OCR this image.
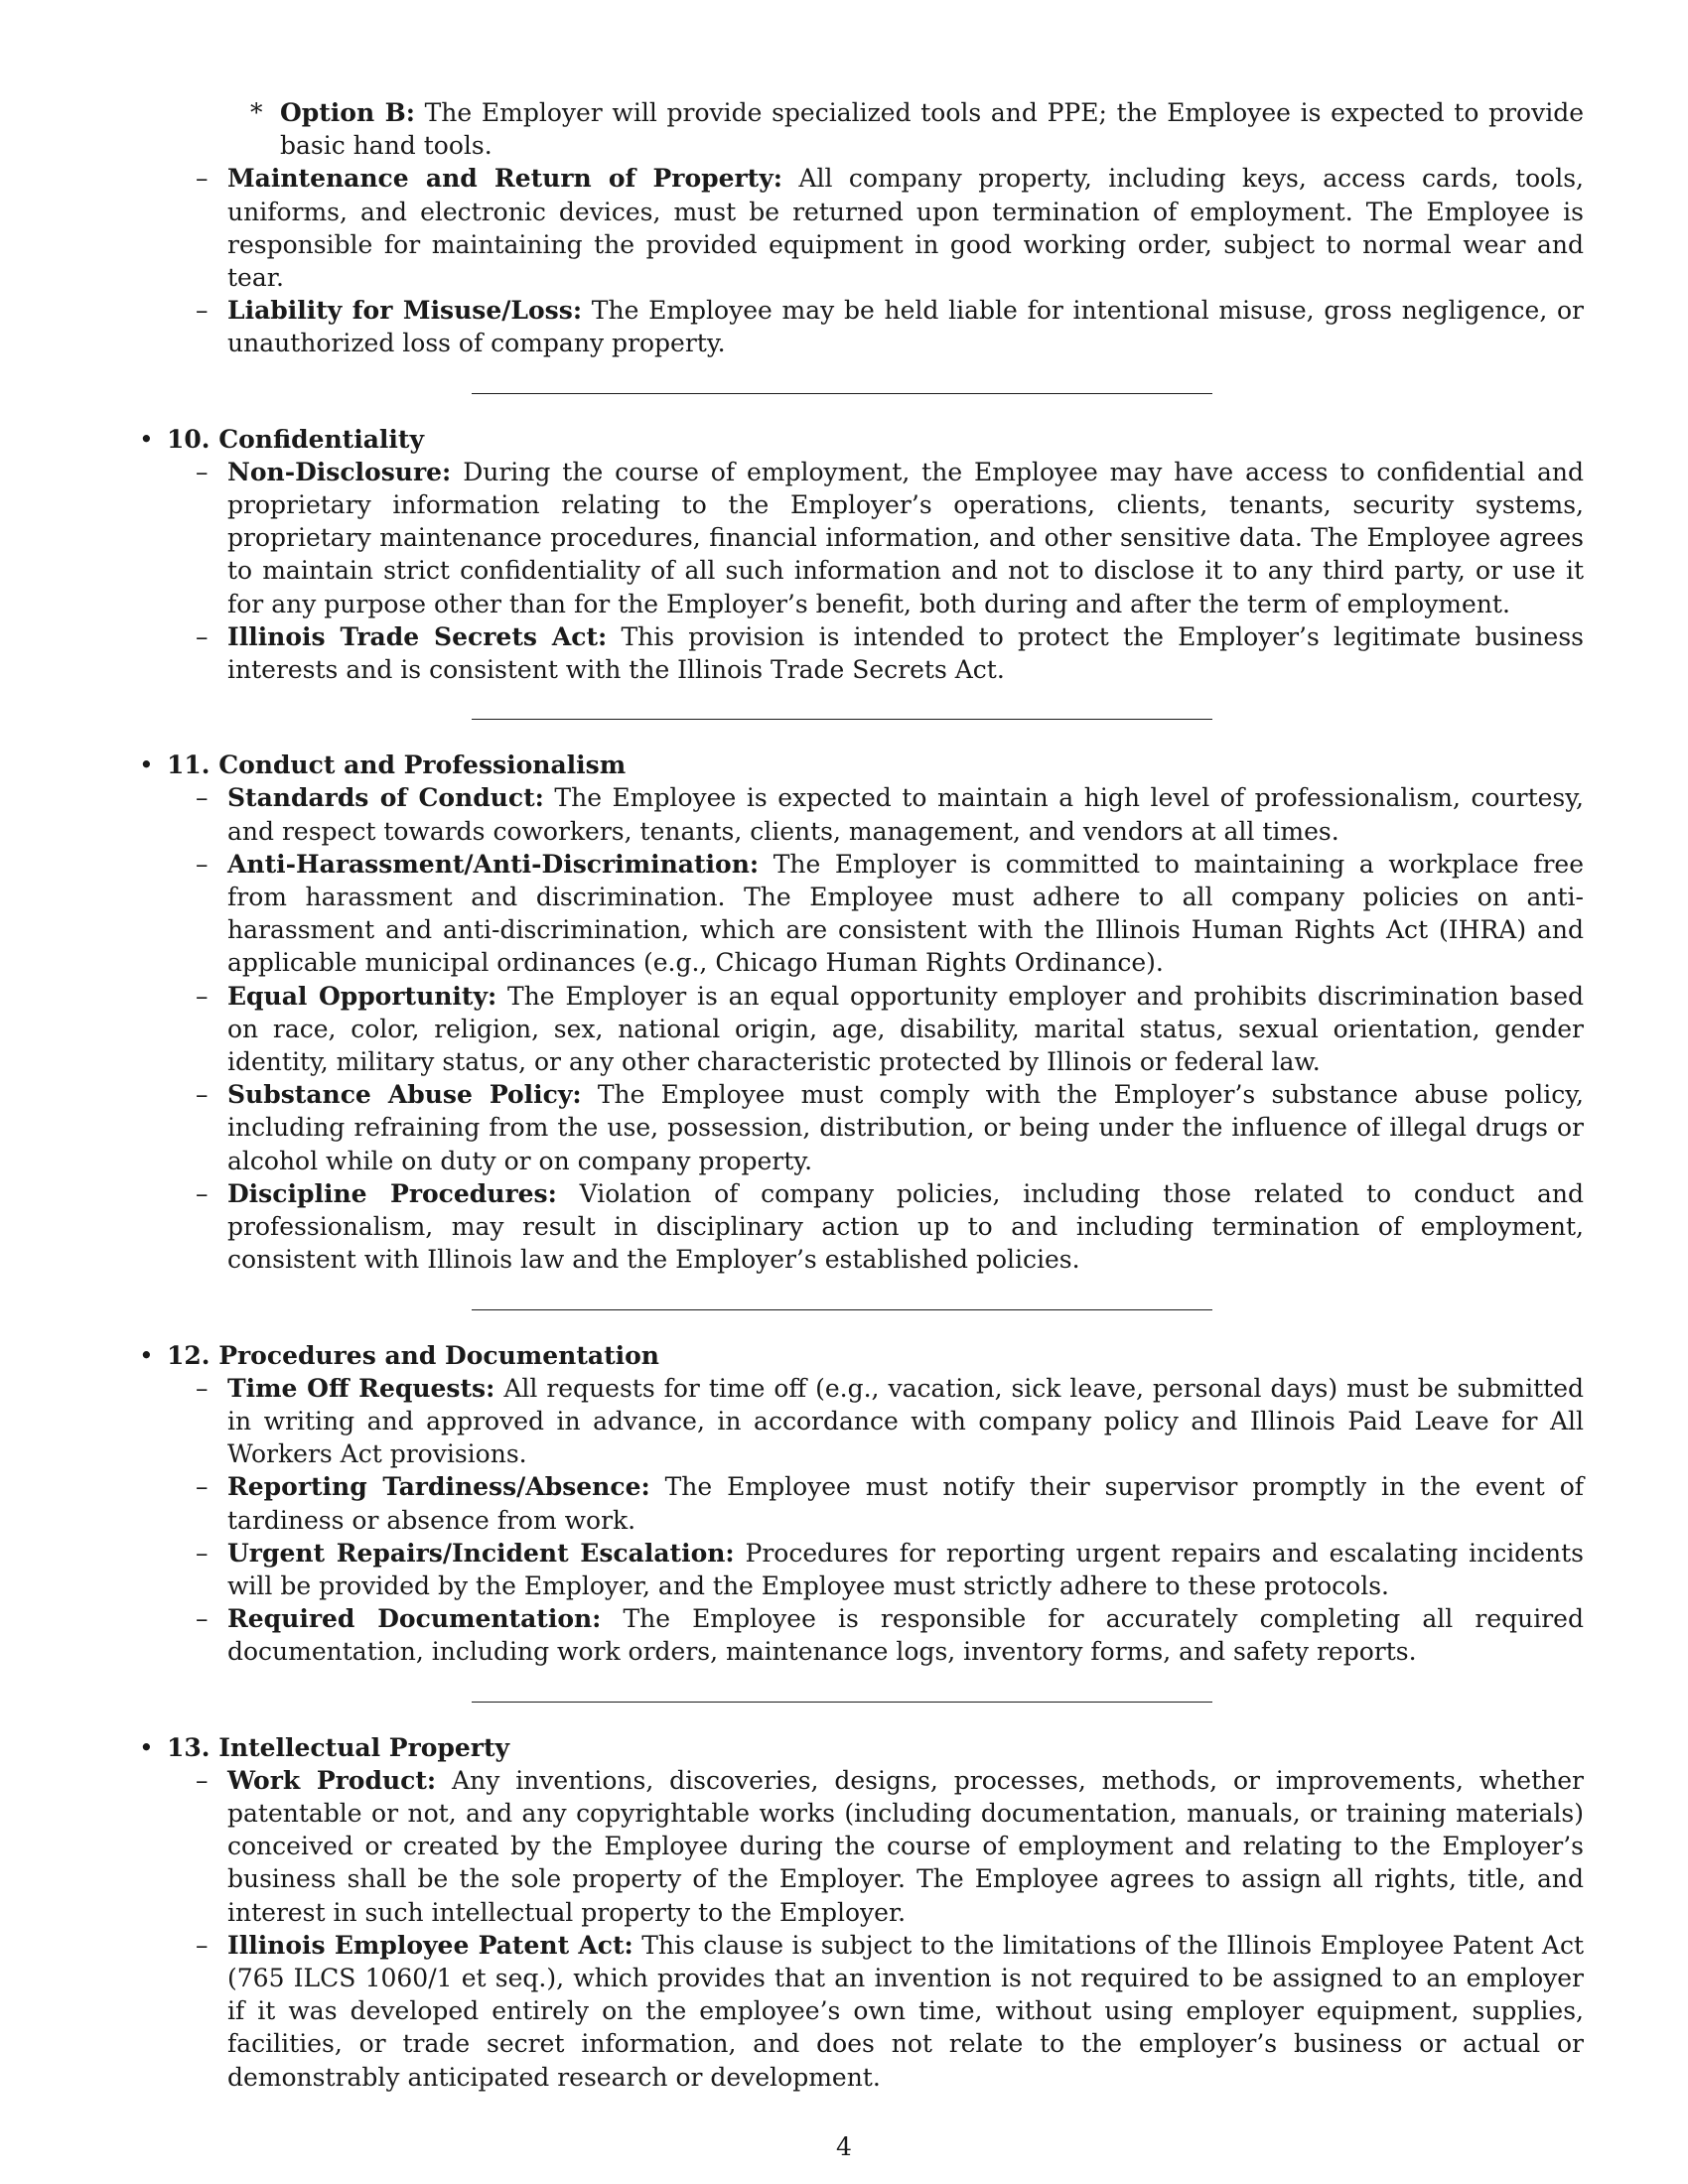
* Option B: The Employer will provide specialized tools and PPE; the Employee is expected to provide basic hand tools.
– Maintenance and Return of Property: All company property, including keys, access cards, tools, uniforms, and electronic devices, must be returned upon termination of employment. The Employee is responsible for maintaining the provided equipment in good working order, subject to normal wear and tear.
– Liability for Misuse/Loss: The Employee may be held liable for intentional misuse, gross negligence, or unauthorized loss of company property.
• 10. Confidentiality
– Non-Disclosure: During the course of employment, the Employee may have access to confidential and proprietary information relating to the Employer’s operations, clients, tenants, security systems, proprietary maintenance procedures, financial information, and other sensitive data. The Employee agrees to maintain strict confidentiality of all such information and not to disclose it to any third party, or use it for any purpose other than for the Employer’s benefit, both during and after the term of employment.
– Illinois Trade Secrets Act: This provision is intended to protect the Employer’s legitimate business interests and is consistent with the Illinois Trade Secrets Act.
• 11. Conduct and Professionalism
– Standards of Conduct: The Employee is expected to maintain a high level of professionalism, courtesy, and respect towards coworkers, tenants, clients, management, and vendors at all times.
– Anti-Harassment/Anti-Discrimination: The Employer is committed to maintaining a workplace free from harassment and discrimination. The Employee must adhere to all company policies on anti-harassment and anti-discrimination, which are consistent with the Illinois Human Rights Act (IHRA) and applicable municipal ordinances (e.g., Chicago Human Rights Ordinance).
– Equal Opportunity: The Employer is an equal opportunity employer and prohibits discrimination based on race, color, religion, sex, national origin, age, disability, marital status, sexual orientation, gender identity, military status, or any other characteristic protected by Illinois or federal law.
– Substance Abuse Policy: The Employee must comply with the Employer’s substance abuse policy, including refraining from the use, possession, distribution, or being under the influence of illegal drugs or alcohol while on duty or on company property.
– Discipline Procedures: Violation of company policies, including those related to conduct and professionalism, may result in disciplinary action up to and including termination of employment, consistent with Illinois law and the Employer’s established policies.
• 12. Procedures and Documentation
– Time Off Requests: All requests for time off (e.g., vacation, sick leave, personal days) must be submitted in writing and approved in advance, in accordance with company policy and Illinois Paid Leave for All Workers Act provisions.
– Reporting Tardiness/Absence: The Employee must notify their supervisor promptly in the event of tardiness or absence from work.
– Urgent Repairs/Incident Escalation: Procedures for reporting urgent repairs and escalating incidents will be provided by the Employer, and the Employee must strictly adhere to these protocols.
– Required Documentation: The Employee is responsible for accurately completing all required documentation, including work orders, maintenance logs, inventory forms, and safety reports.
• 13. Intellectual Property
– Work Product: Any inventions, discoveries, designs, processes, methods, or improvements, whether patentable or not, and any copyrightable works (including documentation, manuals, or training materials) conceived or created by the Employee during the course of employment and relating to the Employer’s business shall be the sole property of the Employer. The Employee agrees to assign all rights, title, and interest in such intellectual property to the Employer.
– Illinois Employee Patent Act: This clause is subject to the limitations of the Illinois Employee Patent Act (765 ILCS 1060/1 et seq.), which provides that an invention is not required to be assigned to an employer if it was developed entirely on the employee’s own time, without using employer equipment, supplies, facilities, or trade secret information, and does not relate to the employer’s business or actual or demonstrably anticipated research or development.
4
